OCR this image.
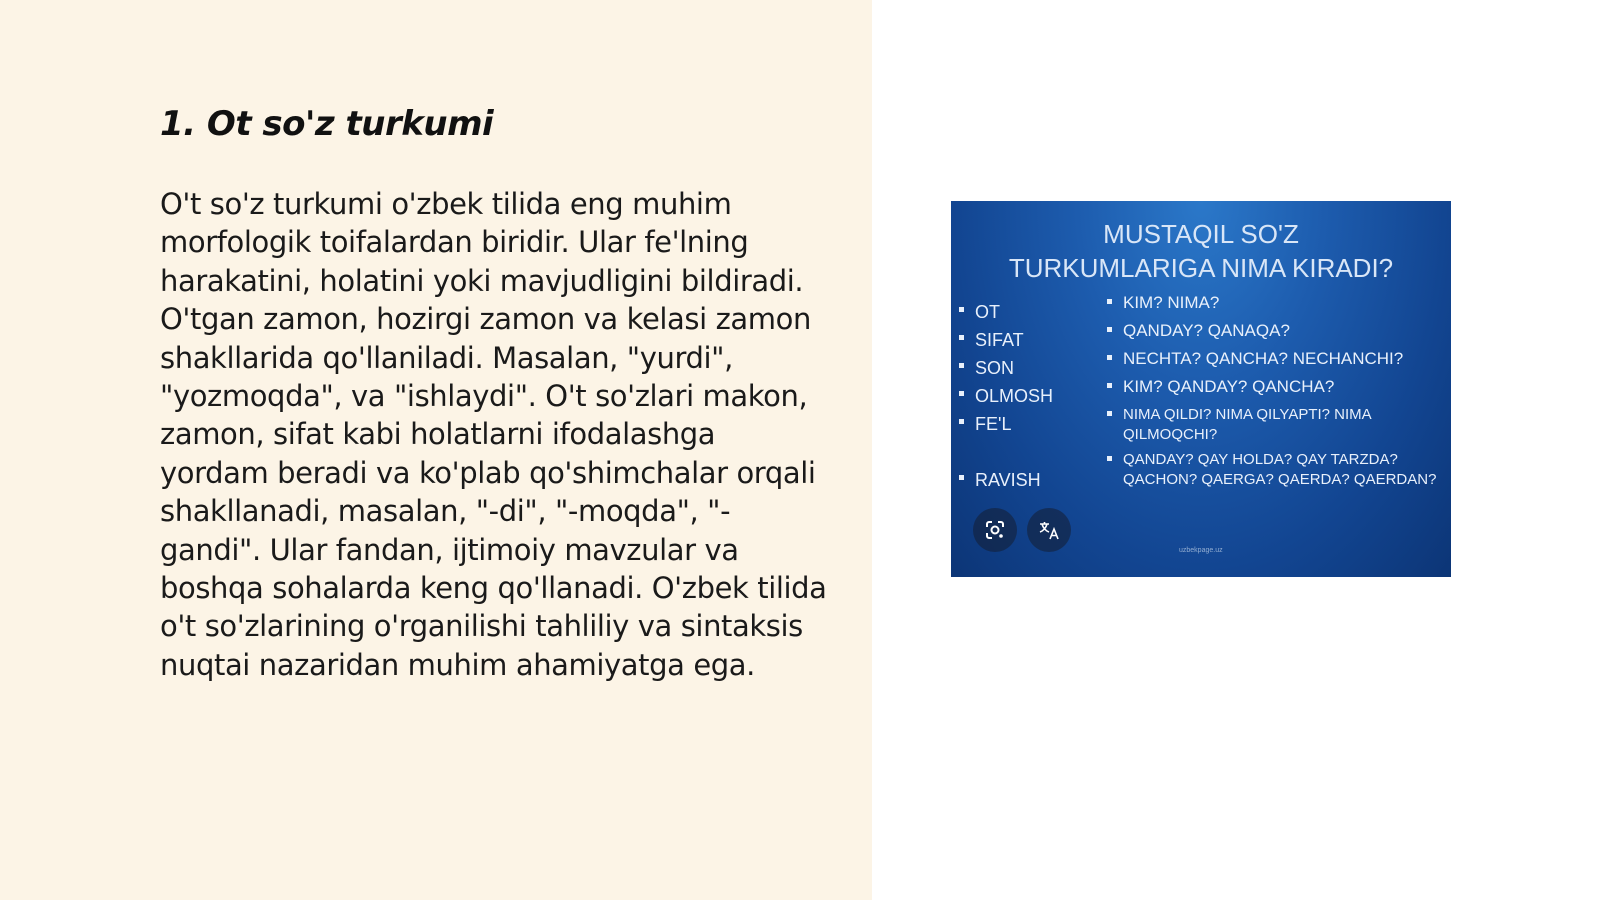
1. Ot so'z turkumi

O't so'z turkumi o'zbek tilida eng muhim morfologik toifalardan biridir. Ular fe'lning harakatini, holatini yoki mavjudligini bildiradi. O'tgan zamon, hozirgi zamon va kelasi zamon shakllarida qo'llaniladi. Masalan, "yurdi", "yozmoqda", va "ishlaydi". O't so'zlari makon, zamon, sifat kabi holatlarni ifodalashga yordam beradi va ko'plab qo'shimchalar orqali shakllanadi, masalan, "-di", "-moqda", "-gandi". Ular fandan, ijtimoiy mavzular va boshqa sohalarda keng qo'llanadi. O'zbek tilida o't so'zlarining o'rganilishi tahliliy va sintaksis nuqtai nazaridan muhim ahamiyatga ega.

MUSTAQIL SO'Z
TURKUMLARIGA NIMA KIRADI?
OT
SIFAT
SON
OLMOSH
FE'L
RAVISH
KIM? NIMA?
QANDAY? QANAQA?
NECHTA? QANCHA? NECHANCHI?
KIM? QANDAY? QANCHA?
NIMA QILDI? NIMA QILYAPTI? NIMA QILMOQCHI?
QANDAY? QAY HOLDA? QAY TARZDA? QACHON? QAERGA? QAERDA? QAERDAN?
uzbekpage.uz
